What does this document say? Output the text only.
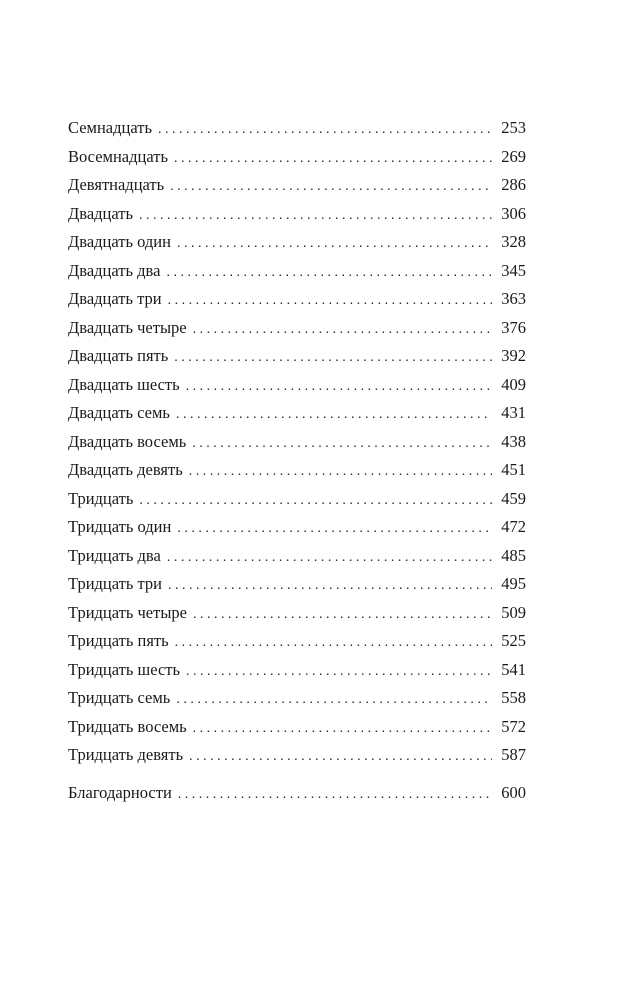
Семнадцать . . .	253
Восемнадцать . . .	269
Девятнадцать . . .	286
Двадцать . . .	306
Двадцать один . . .	328
Двадцать два . . .	345
Двадцать три . . .	363
Двадцать четыре . . .	376
Двадцать пять . . .	392
Двадцать шесть . . .	409
Двадцать семь . . .	431
Двадцать восемь . . .	438
Двадцать девять . . .	451
Тридцать . . .	459
Тридцать один . . .	472
Тридцать два . . .	485
Тридцать три . . .	495
Тридцать четыре . . .	509
Тридцать пять . . .	525
Тридцать шесть . . .	541
Тридцать семь . . .	558
Тридцать восемь . . .	572
Тридцать девять . . .	587
Благодарности . . .	600
